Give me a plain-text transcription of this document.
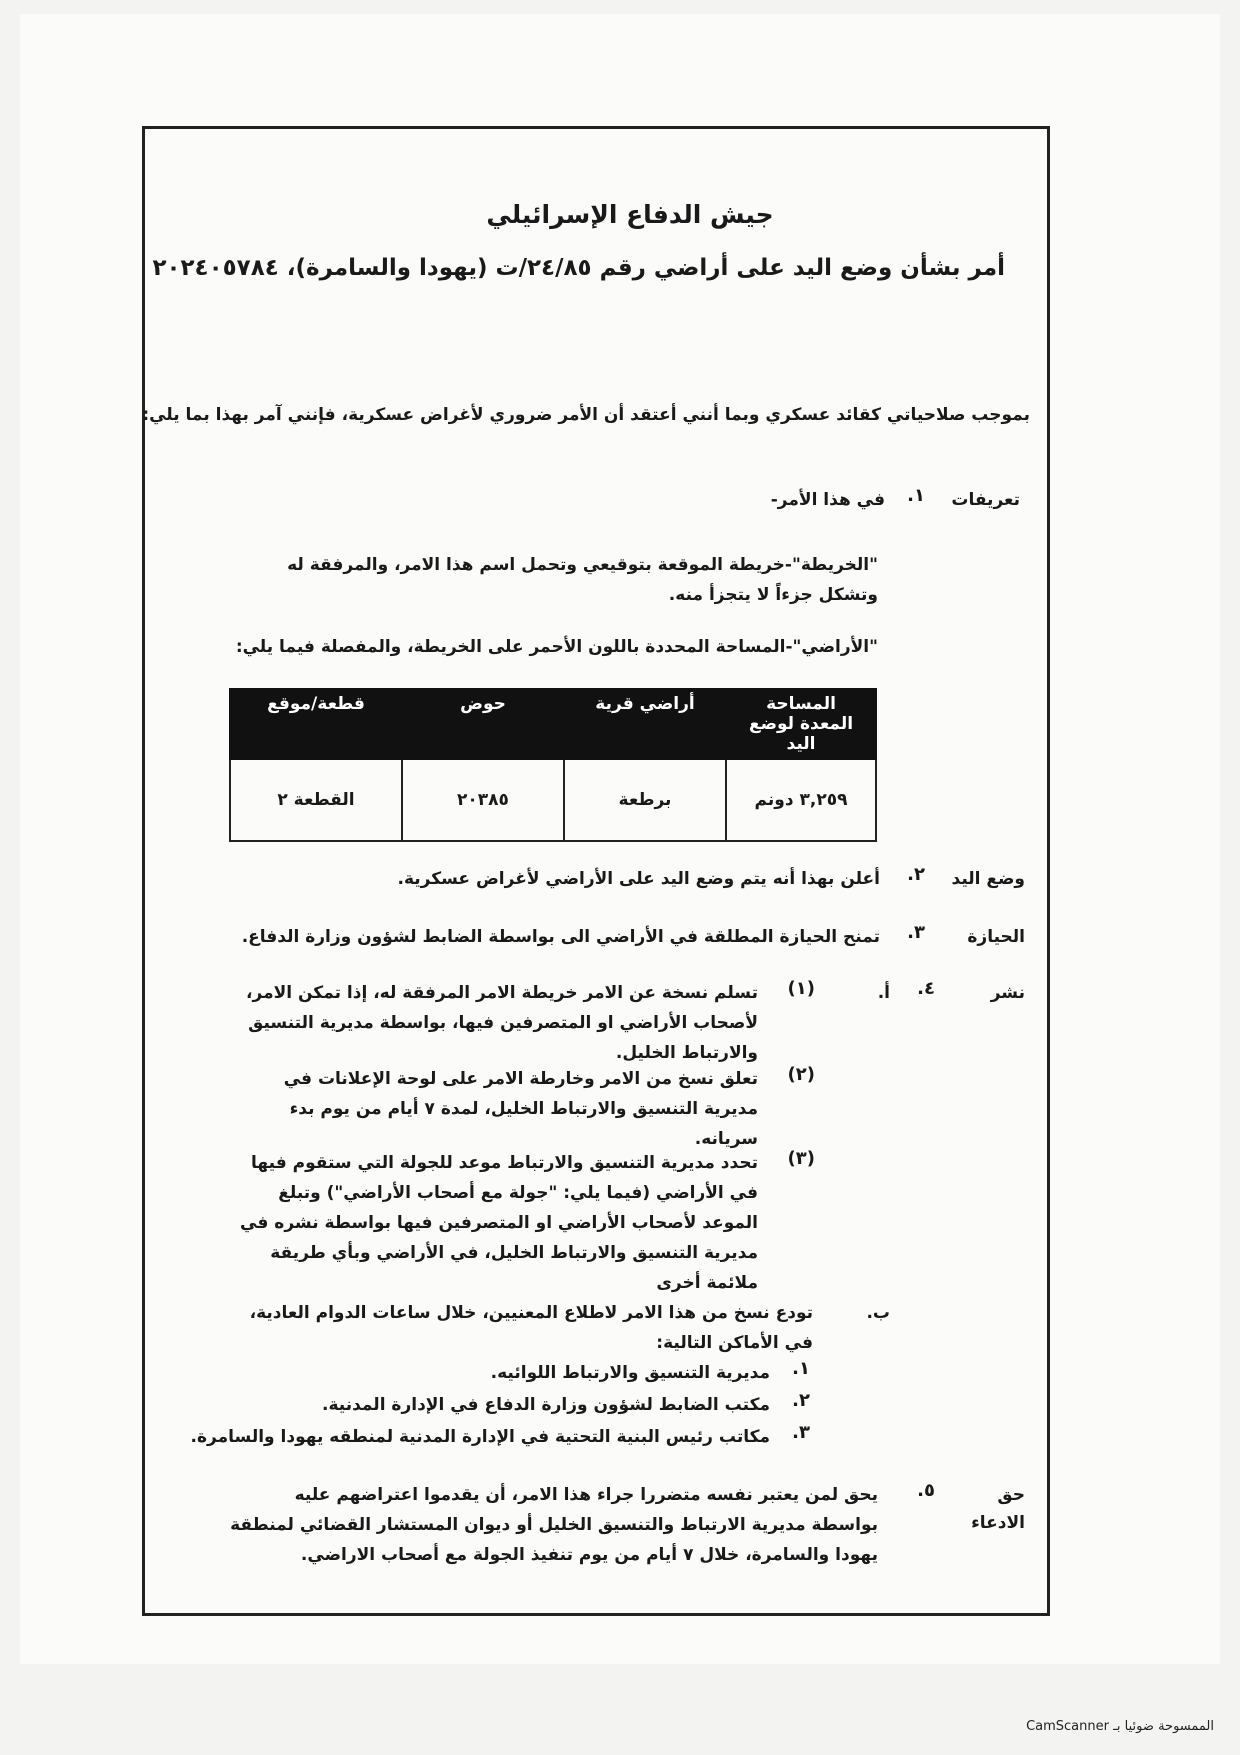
جيش الدفاع الإسرائيلي
أمر بشأن وضع اليد على أراضي رقم ٢٤/٨٥/ت (يهودا والسامرة)، ٢٠٢٤٠٥٧٨٤
بموجب صلاحياتي كقائد عسكري وبما أنني أعتقد أن الأمر ضروري لأغراض عسكرية، فإنني آمر بهذا بما يلي:
تعريفات
١.
في هذا الأمر-
"الخريطة"-خريطة الموقعة بتوقيعي وتحمل اسم هذا الامر، والمرفقة له وتشكل جزءاً لا يتجزأ منه.
"الأراضي"-المساحة المحددة باللون الأحمر على الخريطة، والمفصلة فيما يلي:
المساحة المعدة لوضع اليد	أراضي قرية	حوض	قطعة/موقع
٣,٢٥٩ دونم	برطعة	٢٠٣٨٥	القطعة ٢
وضع اليد
٢.
أعلن بهذا أنه يتم وضع اليد على الأراضي لأغراض عسكرية.
الحيازة
٣.
تمنح الحيازة المطلقة في الأراضي الى بواسطة الضابط لشؤون وزارة الدفاع.
نشر
٤.
أ.
(١)
تسلم نسخة عن الامر خريطة الامر المرفقة له، إذا تمكن الامر، لأصحاب الأراضي او المتصرفين فيها، بواسطة مديرية التنسيق والارتباط الخليل.
(٢)
تعلق نسخ من الامر وخارطة الامر على لوحة الإعلانات في مديرية التنسيق والارتباط الخليل، لمدة ٧ أيام من يوم بدء سريانه.
(٣)
تحدد مديرية التنسيق والارتباط موعد للجولة التي ستقوم فيها في الأراضي (فيما يلي: "جولة مع أصحاب الأراضي") وتبلغ الموعد لأصحاب الأراضي او المتصرفين فيها بواسطة نشره في مديرية التنسيق والارتباط الخليل، في الأراضي وبأي طريقة ملائمة أخرى
ب.
تودع نسخ من هذا الامر لاطلاع المعنيين، خلال ساعات الدوام العادية، في الأماكن التالية:
١.
مديرية التنسيق والارتباط اللوائيه.
٢.
مكتب الضابط لشؤون وزارة الدفاع في الإدارة المدنية.
٣.
مكاتب رئيس البنية التحتية في الإدارة المدنية لمنطقه يهودا والسامرة.
حق
الادعاء
٥.
يحق لمن يعتبر نفسه متضررا جراء هذا الامر، أن يقدموا اعتراضهم عليه بواسطة مديرية الارتباط والتنسيق الخليل أو ديوان المستشار القضائي لمنطقة يهودا والسامرة، خلال ٧ أيام من يوم تنفيذ الجولة مع أصحاب الاراضي.
الممسوحة ضوئيا بـ CamScanner
